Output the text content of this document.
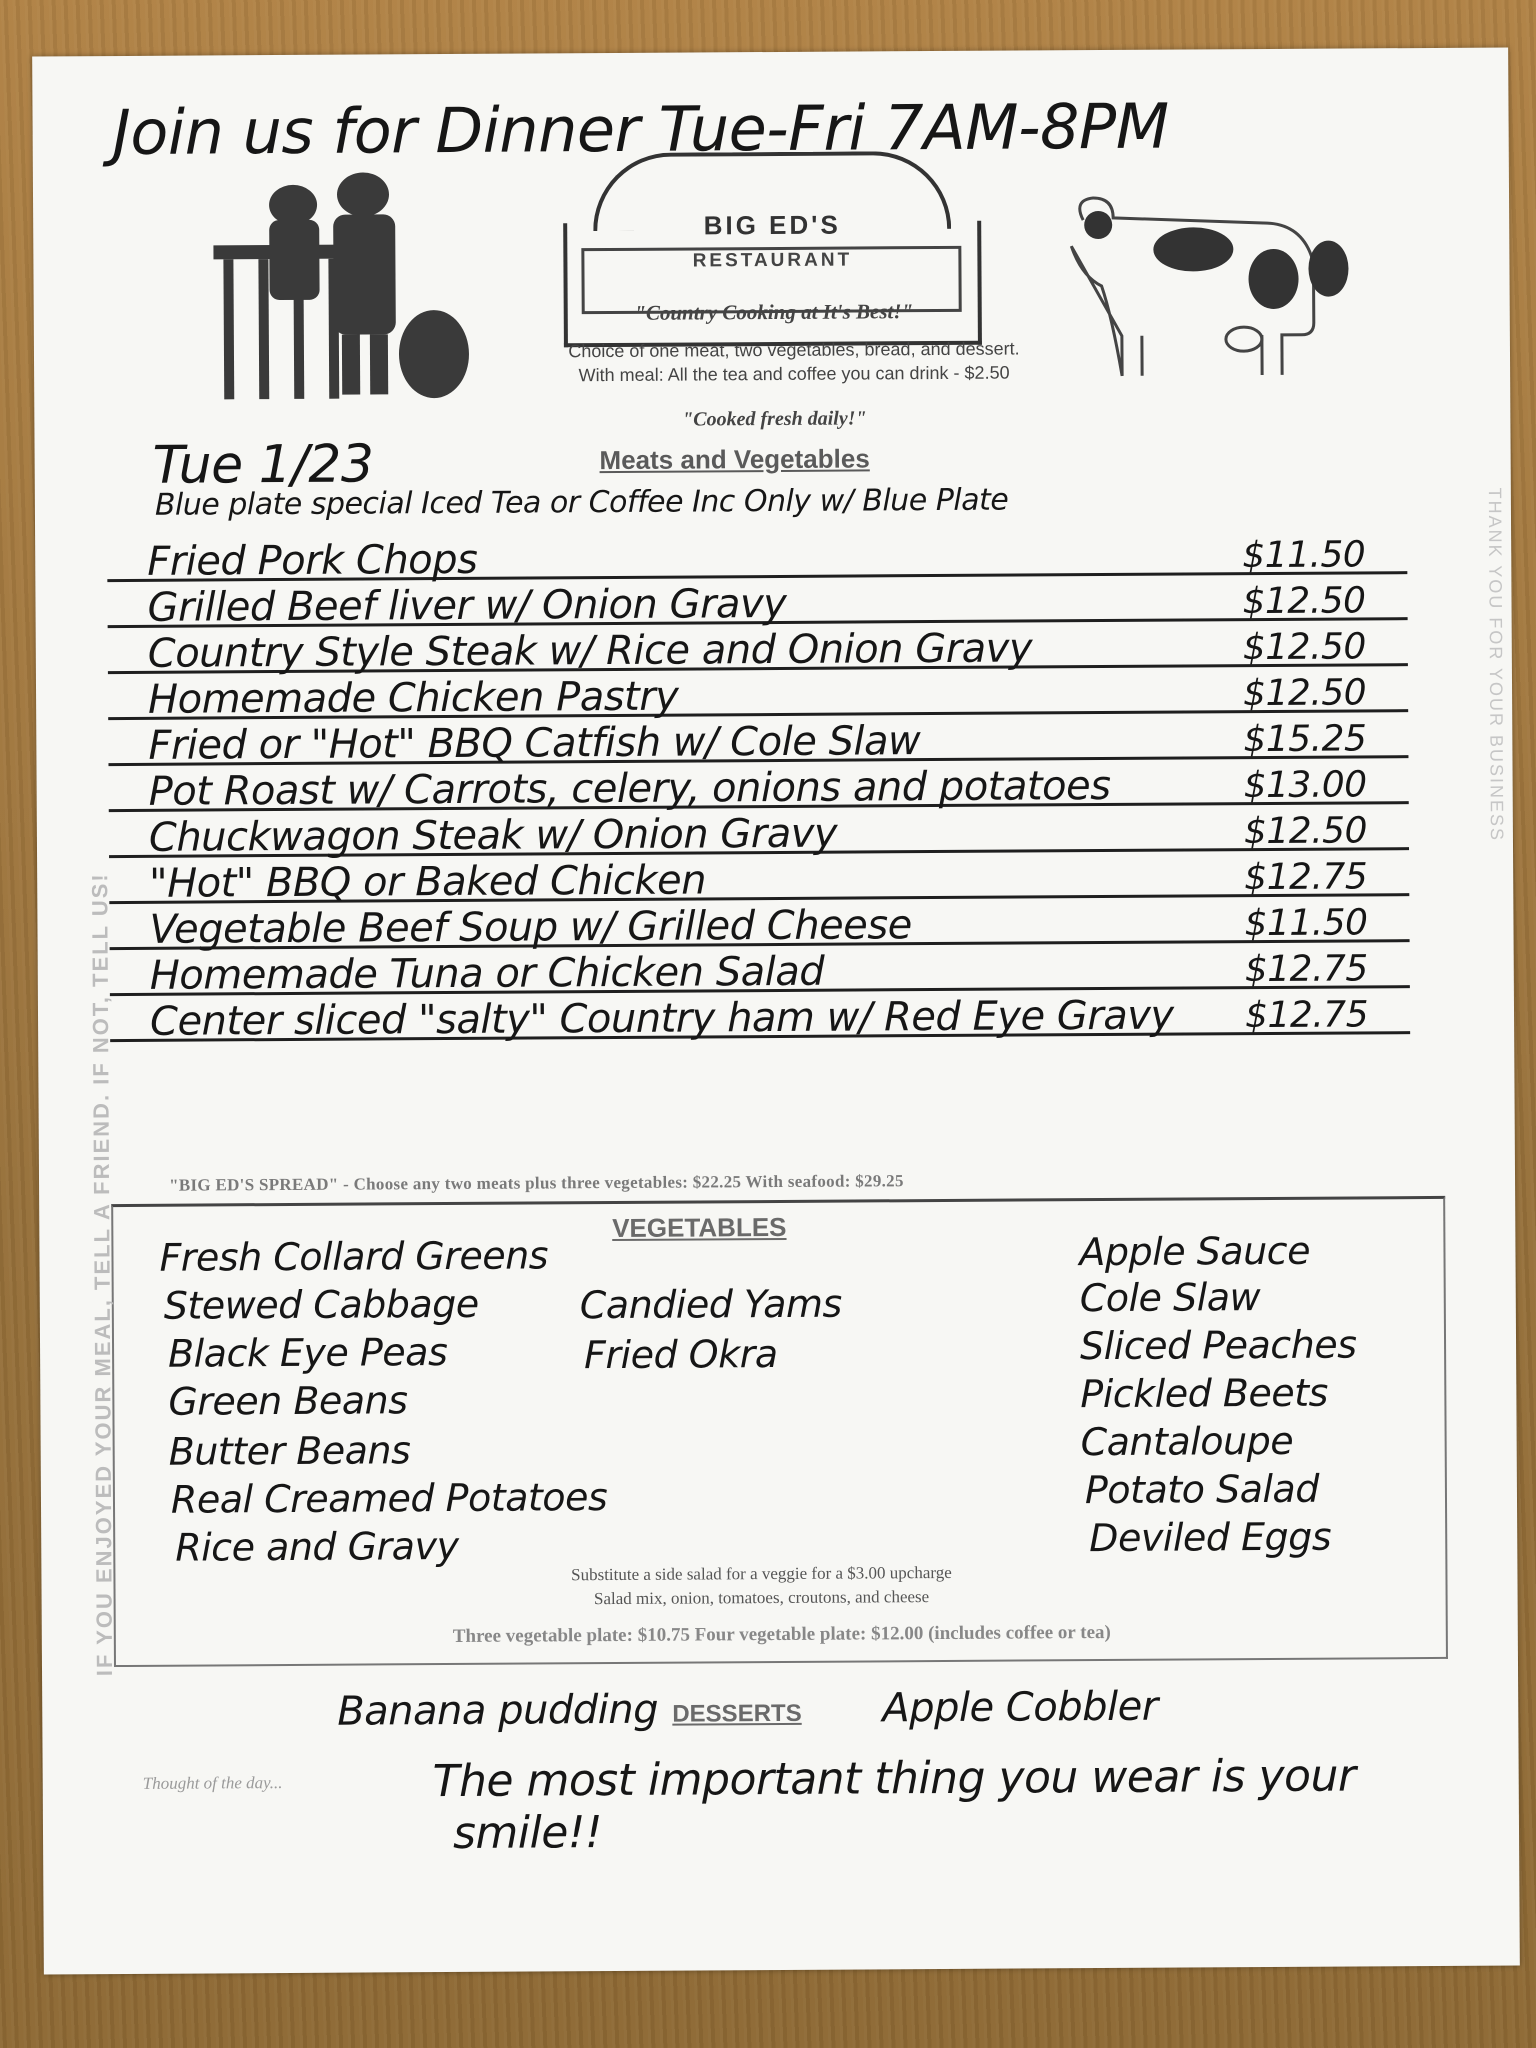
Join us for Dinner Tue-Fri 7AM-8PM
BIG ED'S
RESTAURANT
"Country Cooking at It's Best!"
Choice of one meat, two vegetables, bread, and dessert.
With meal: All the tea and coffee you can drink - $2.50
"Cooked fresh daily!"
Tue 1/23	Meats and Vegetables
Blue plate special Iced Tea or Coffee Inc Only w/ Blue Plate
Fried Pork Chops	$11.50
Grilled Beef liver w/ Onion Gravy	$12.50
Country Style Steak w/ Rice and Onion Gravy	$12.50
Homemade Chicken Pastry	$12.50
Fried or "Hot" BBQ Catfish w/ Cole Slaw	$15.25
Pot Roast w/ Carrots, celery, onions and potatoes	$13.00
Chuckwagon Steak w/ Onion Gravy	$12.50
"Hot" BBQ or Baked Chicken	$12.75
Vegetable Beef Soup w/ Grilled Cheese	$11.50
Homemade Tuna or Chicken Salad	$12.75
Center sliced "salty" Country ham w/ Red Eye Gravy $12.75
"BIG ED'S SPREAD" - Choose any two meats plus three vegetables: $22.25 With seafood: $29.25
VEGETABLES
Fresh Collard Greens
Stewed Cabbage
Black Eye Peas
Green Beans
Butter Beans
Real Creamed Potatoes
Rice and Gravy
Candied Yams
Fried Okra
Apple Sauce
Cole Slaw
Sliced Peaches
Pickled Beets
Cantaloupe
Potato Salad
Deviled Eggs
Substitute a side salad for a veggie for a $3.00 upcharge
Salad mix, onion, tomatoes, croutons, and cheese
Three vegetable plate: $10.75 Four vegetable plate: $12.00 (includes coffee or tea)
Banana pudding DESSERTS Apple Cobbler
Thought of the day...	The most important thing you wear is your
smile!!
IF YOU ENJOYED YOUR MEAL, TELL A FRIEND. IF NOT, TELL US!
THANK YOU FOR YOUR BUSINESS
